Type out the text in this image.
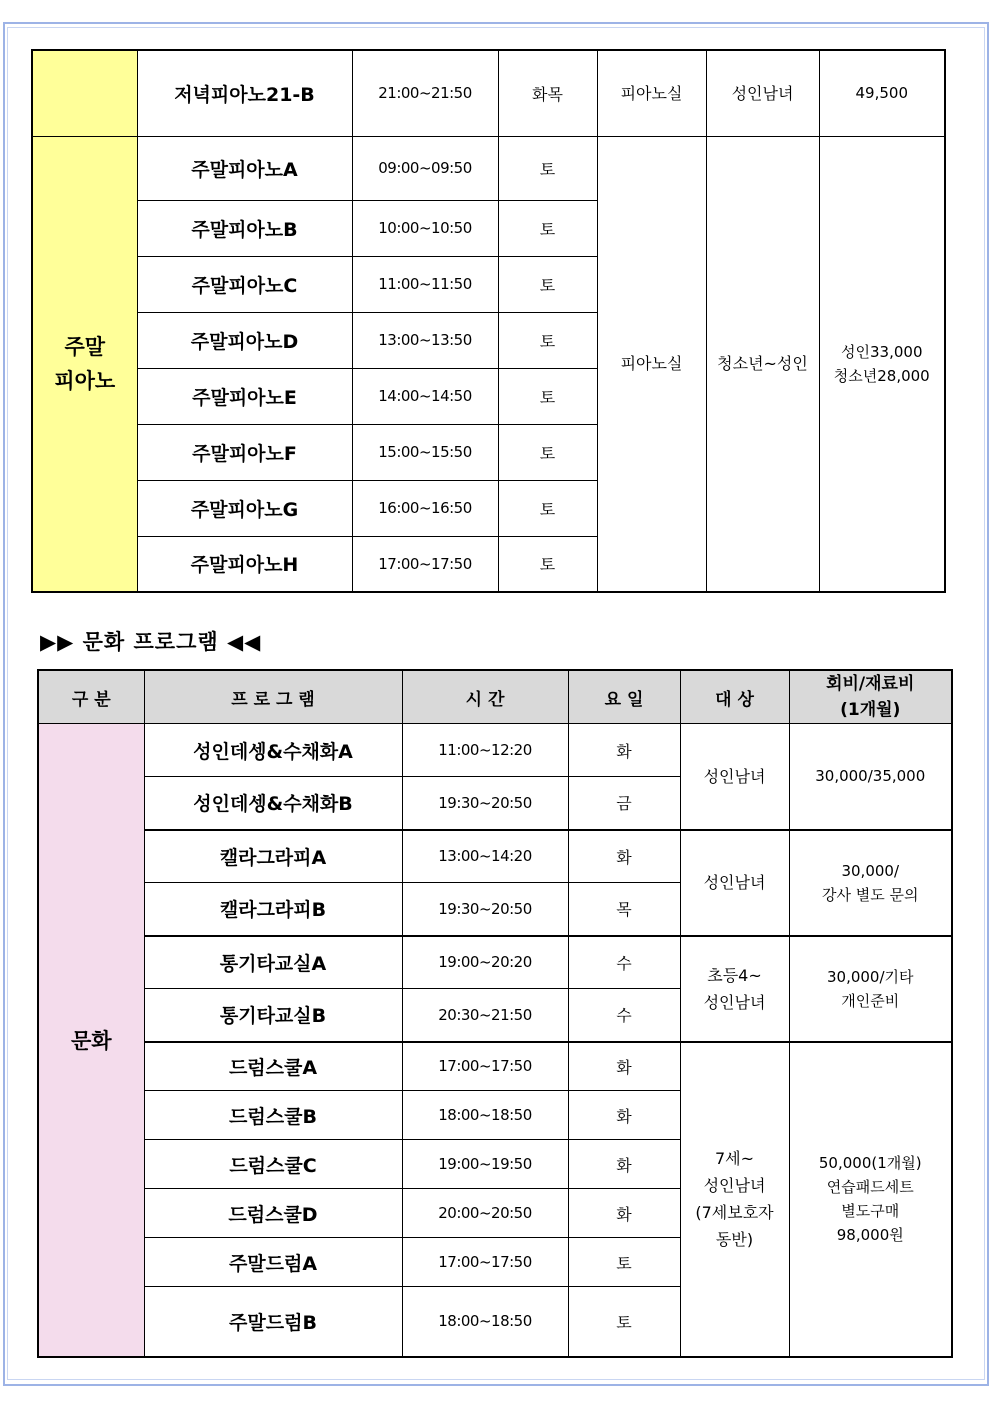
	저녁피아노21-B	21:00~21:50	화목	피아노실	성인남녀	49,500
주말
피아노	주말피아노A	09:00~09:50	토	피아노실	청소년~성인	성인33,000
청소년28,000
	주말피아노B	10:00~10:50	토			
	주말피아노C	11:00~11:50	토			
	주말피아노D	13:00~13:50	토			
	주말피아노E	14:00~14:50	토			
	주말피아노F	15:00~15:50	토			
	주말피아노G	16:00~16:50	토			
	주말피아노H	17:00~17:50	토			
▶▶ 문화 프로그램 ◀◀
구 분	프 로 그 램	시 간	요 일	대 상	회비/재료비
(1개월)
문화	성인데셍&수채화A	11:00~12:20	화	성인남녀	30,000/35,000
	성인데셍&수채화B	19:30~20:50	금		
	캘라그라피A	13:00~14:20	화	성인남녀	30,000/
강사 별도 문의
	캘라그라피B	19:30~20:50	목		
	통기타교실A	19:00~20:20	수	초등4~
성인남녀	30,000/기타
개인준비
	통기타교실B	20:30~21:50	수		
	드럼스쿨A	17:00~17:50	화	7세~
성인남녀
(7세보호자
동반)	50,000(1개월)
연습패드세트
별도구매
98,000원
	드럼스쿨B	18:00~18:50	화		
	드럼스쿨C	19:00~19:50	화		
	드럼스쿨D	20:00~20:50	화		
	주말드럼A	17:00~17:50	토		
	주말드럼B	18:00~18:50	토		
